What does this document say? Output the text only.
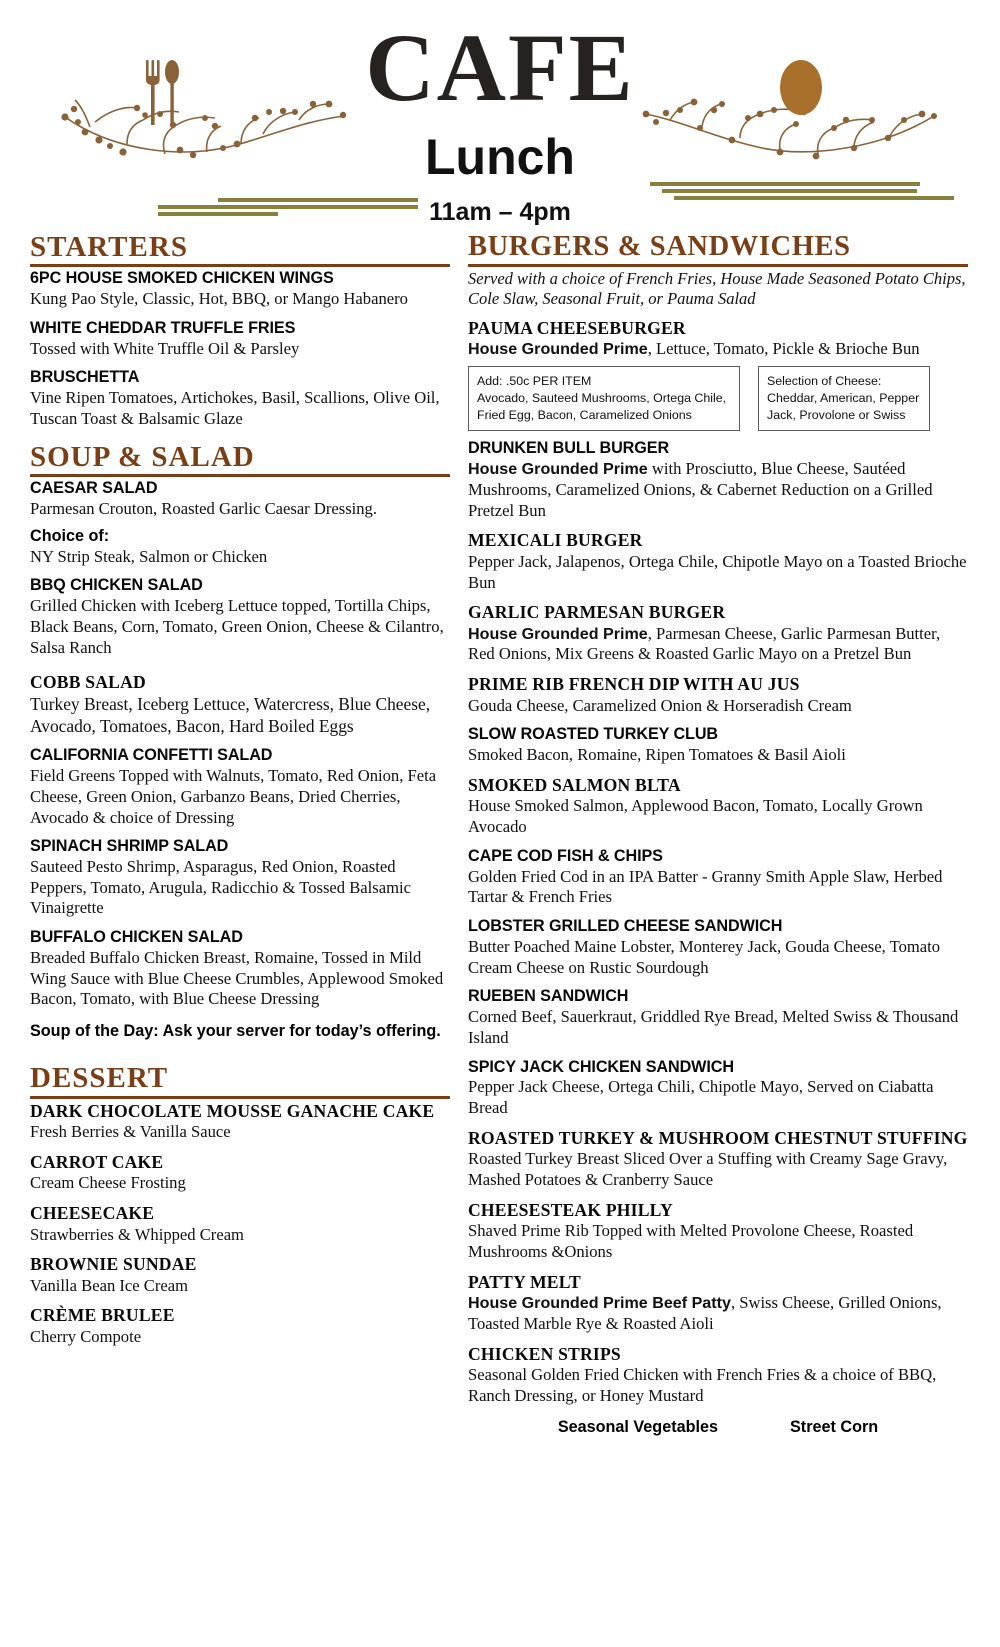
CAFE
Lunch
11am – 4pm
STARTERS
6PC HOUSE SMOKED CHICKEN WINGS
Kung Pao Style, Classic, Hot, BBQ, or Mango Habanero
WHITE CHEDDAR TRUFFLE FRIES
Tossed with White Truffle Oil & Parsley
BRUSCHETTA
Vine Ripen Tomatoes, Artichokes, Basil, Scallions, Olive Oil, Tuscan Toast & Balsamic Glaze
SOUP & SALAD
CAESAR SALAD
Parmesan Crouton, Roasted Garlic Caesar Dressing.
Choice of:
NY Strip Steak, Salmon or Chicken
BBQ CHICKEN SALAD
Grilled Chicken with Iceberg Lettuce topped, Tortilla Chips, Black Beans, Corn, Tomato, Green Onion, Cheese & Cilantro, Salsa Ranch
COBB SALAD
Turkey Breast, Iceberg Lettuce, Watercress, Blue Cheese, Avocado, Tomatoes, Bacon, Hard Boiled Eggs
CALIFORNIA CONFETTI SALAD
Field Greens Topped with Walnuts, Tomato, Red Onion, Feta Cheese, Green Onion, Garbanzo Beans, Dried Cherries, Avocado & choice of Dressing
SPINACH SHRIMP SALAD
Sauteed Pesto Shrimp, Asparagus, Red Onion, Roasted Peppers, Tomato, Arugula, Radicchio & Tossed Balsamic Vinaigrette
BUFFALO CHICKEN SALAD
Breaded Buffalo Chicken Breast, Romaine, Tossed in Mild Wing Sauce with Blue Cheese Crumbles, Applewood Smoked Bacon, Tomato, with Blue Cheese Dressing
Soup of the Day: Ask your server for today’s offering.
DESSERT
DARK CHOCOLATE MOUSSE GANACHE CAKE
Fresh Berries & Vanilla Sauce
CARROT CAKE
Cream Cheese Frosting
CHEESECAKE
Strawberries & Whipped Cream
BROWNIE SUNDAE
Vanilla Bean Ice Cream
CRÈME BRULEE
Cherry Compote
BURGERS & SANDWICHES
Served with a choice of French Fries, House Made Seasoned Potato Chips, Cole Slaw, Seasonal Fruit, or Pauma Salad
PAUMA CHEESEBURGER
House Grounded Prime, Lettuce, Tomato, Pickle & Brioche Bun
Add: .50c PER ITEM
Avocado, Sauteed Mushrooms, Ortega Chile, Fried Egg, Bacon, Caramelized Onions
Selection of Cheese:
Cheddar, American, Pepper Jack, Provolone or Swiss
DRUNKEN BULL BURGER
House Grounded Prime with Prosciutto, Blue Cheese, Sautéed Mushrooms, Caramelized Onions, & Cabernet Reduction on a Grilled Pretzel Bun
MEXICALI BURGER
Pepper Jack, Jalapenos, Ortega Chile, Chipotle Mayo on a Toasted Brioche Bun
GARLIC PARMESAN BURGER
House Grounded Prime, Parmesan Cheese, Garlic Parmesan Butter, Red Onions, Mix Greens & Roasted Garlic Mayo on a Pretzel Bun
PRIME RIB FRENCH DIP WITH AU JUS
Gouda Cheese, Caramelized Onion & Horseradish Cream
SLOW ROASTED TURKEY CLUB
Smoked Bacon, Romaine, Ripen Tomatoes & Basil Aioli
SMOKED SALMON BLTA
House Smoked Salmon, Applewood Bacon, Tomato, Locally Grown Avocado
CAPE COD FISH & CHIPS
Golden Fried Cod in an IPA Batter - Granny Smith Apple Slaw, Herbed Tartar & French Fries
LOBSTER GRILLED CHEESE SANDWICH
Butter Poached Maine Lobster, Monterey Jack, Gouda Cheese, Tomato Cream Cheese on Rustic Sourdough
RUEBEN SANDWICH
Corned Beef, Sauerkraut, Griddled Rye Bread, Melted Swiss & Thousand Island
SPICY JACK CHICKEN SANDWICH
Pepper Jack Cheese, Ortega Chili, Chipotle Mayo, Served on Ciabatta Bread
ROASTED TURKEY & MUSHROOM CHESTNUT STUFFING
Roasted Turkey Breast Sliced Over a Stuffing with Creamy Sage Gravy, Mashed Potatoes & Cranberry Sauce
CHEESESTEAK PHILLY
Shaved Prime Rib Topped with Melted Provolone Cheese, Roasted Mushrooms &Onions
PATTY MELT
House Grounded Prime Beef Patty, Swiss Cheese, Grilled Onions, Toasted Marble Rye & Roasted Aioli
CHICKEN STRIPS
Seasonal Golden Fried Chicken with French Fries & a choice of BBQ, Ranch Dressing, or Honey Mustard
Seasonal Vegetables	Street Corn
